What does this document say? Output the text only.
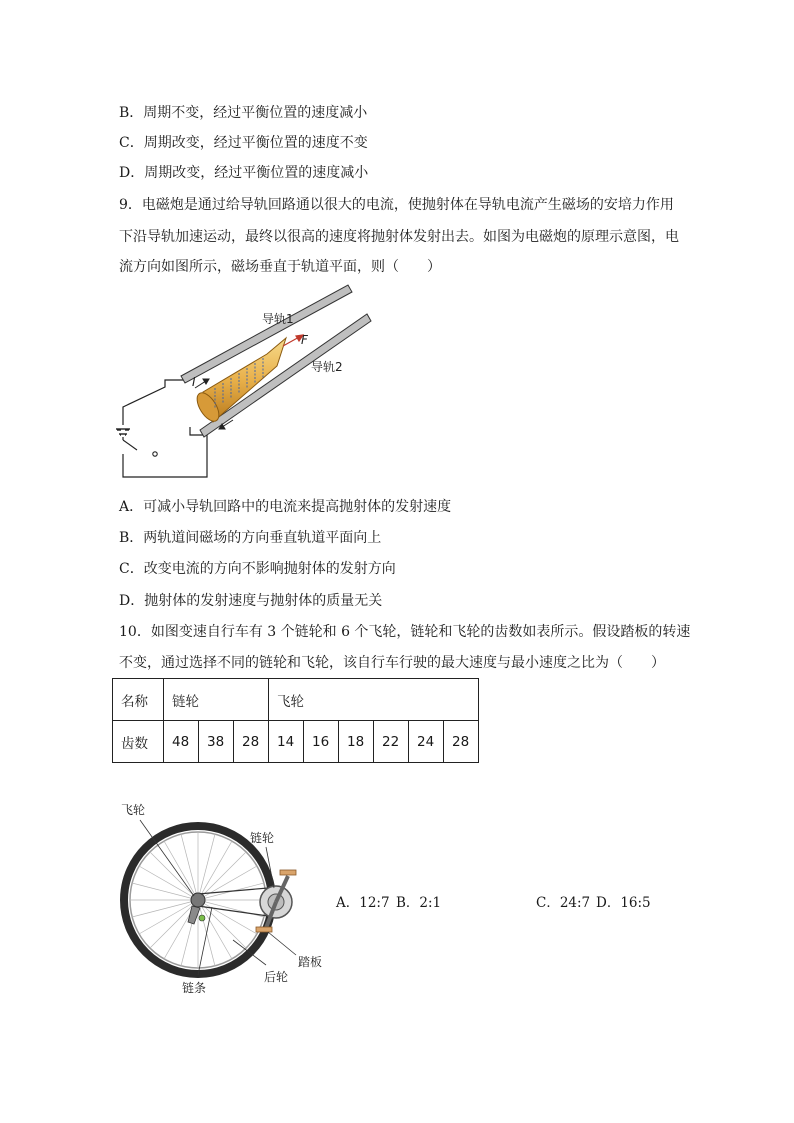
B．周期不变，经过平衡位置的速度减小
C．周期改变，经过平衡位置的速度不变
D．周期改变，经过平衡位置的速度减小
9．电磁炮是通过给导轨回路通以很大的电流，使抛射体在导轨电流产生磁场的安培力作用
下沿导轨加速运动，最终以很高的速度将抛射体发射出去。如图为电磁炮的原理示意图，电
流方向如图所示，磁场垂直于轨道平面，则（　　）
导轨1
导轨2
I
F
A．可减小导轨回路中的电流来提高抛射体的发射速度
B．两轨道间磁场的方向垂直轨道平面向上
C．改变电流的方向不影响抛射体的发射方向
D．抛射体的发射速度与抛射体的质量无关
10．如图变速自行车有 3 个链轮和 6 个飞轮，链轮和飞轮的齿数如表所示。假设踏板的转速
不变，通过选择不同的链轮和飞轮，该自行车行驶的最大速度与最小速度之比为（　　）
名称	链轮			飞轮					
齿数	48	38	28	14	16	18	22	24	28
飞轮
链轮
踏板
链条
后轮
A．12:7 B．2:1	C．24:7 D．16:5
